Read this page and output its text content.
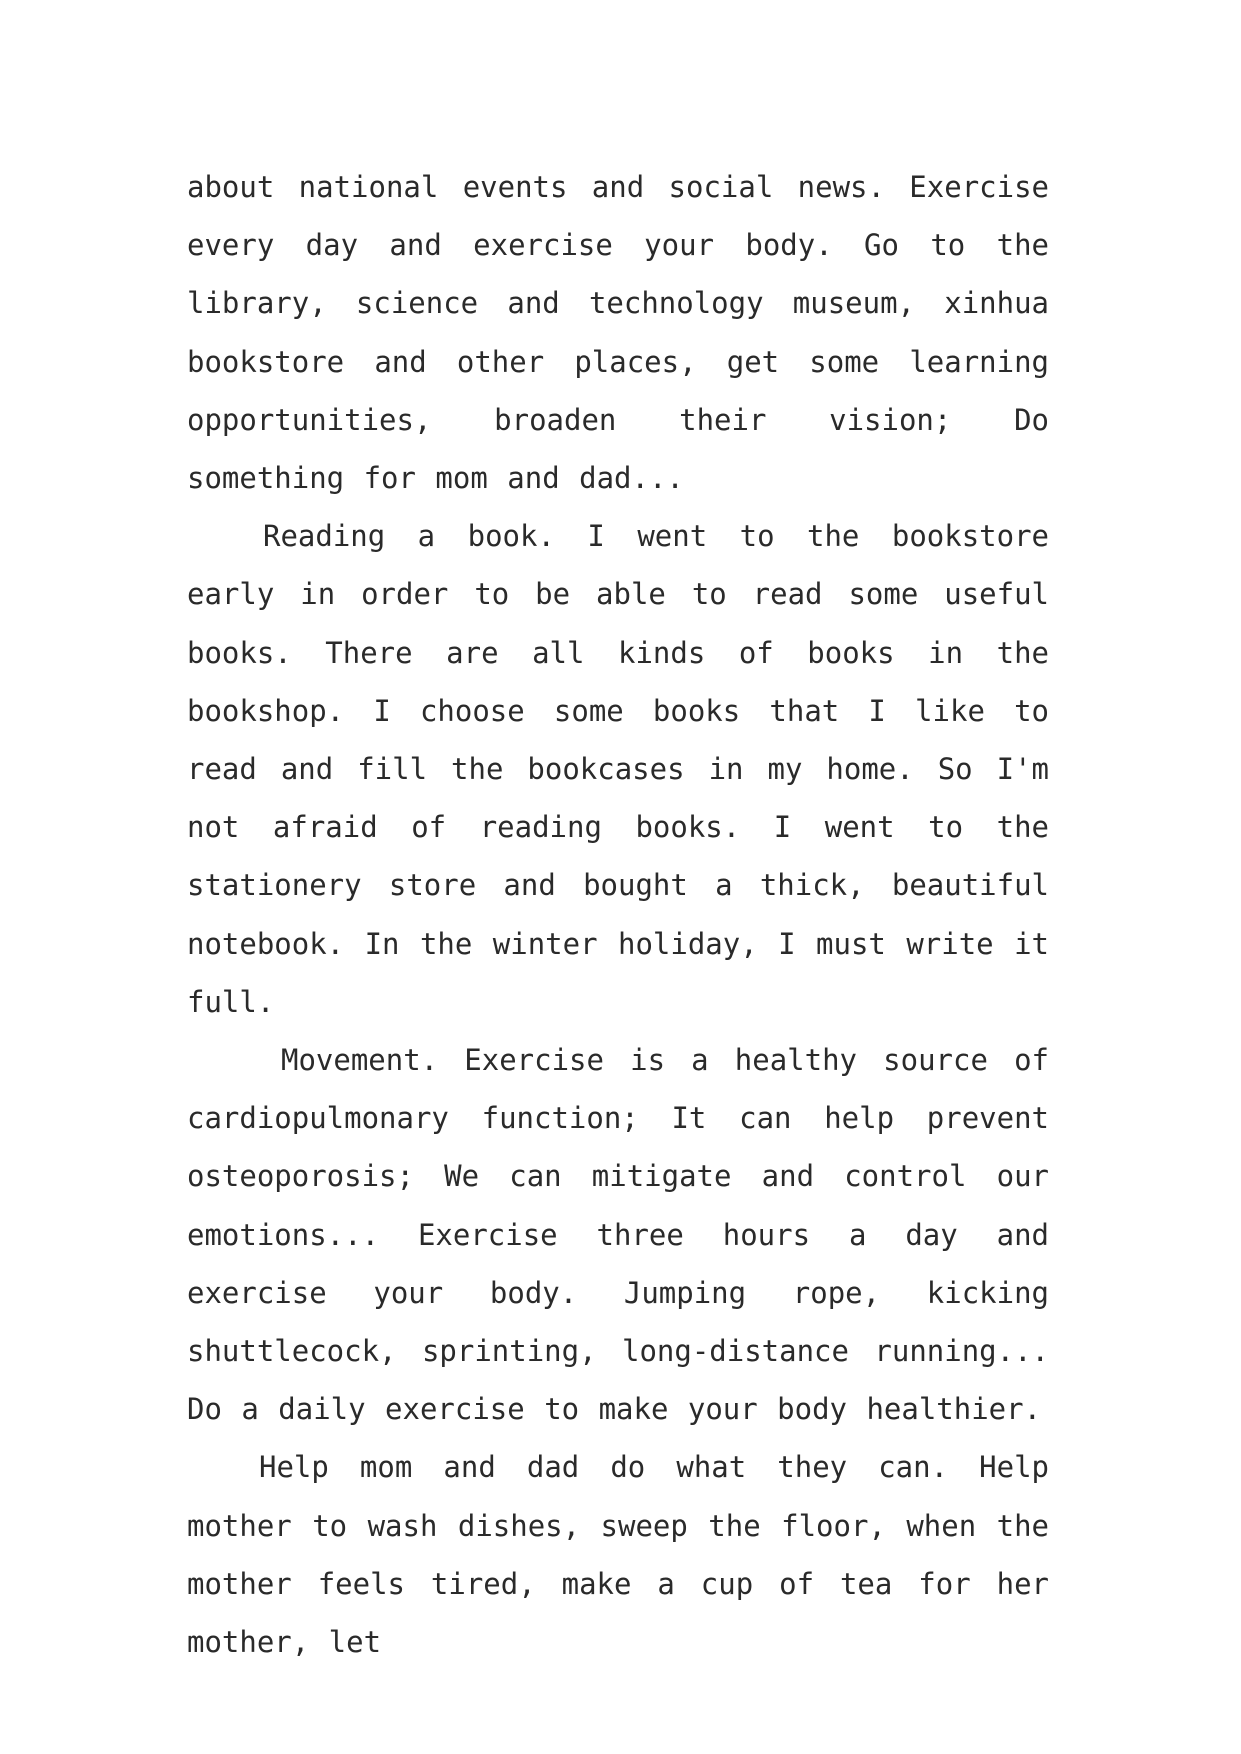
about national events and social news. Exercise every day and exercise your body. Go to the library, science and technology museum, xinhua bookstore and other places, get some learning opportunities, broaden their vision; Do something for mom and dad...

Reading a book. I went to the bookstore early in order to be able to read some useful books. There are all kinds of books in the bookshop. I choose some books that I like to read and fill the bookcases in my home. So I'm not afraid of reading books. I went to the stationery store and bought a thick, beautiful notebook. In the winter holiday, I must write it full.

Movement. Exercise is a healthy source of cardiopulmonary function; It can help prevent osteoporosis; We can mitigate and control our emotions... Exercise three hours a day and exercise your body. Jumping rope, kicking shuttlecock, sprinting, long-distance running... Do a daily exercise to make your body healthier.

Help mom and dad do what they can. Help mother to wash dishes, sweep the floor, when the mother feels tired, make a cup of tea for her mother, let
